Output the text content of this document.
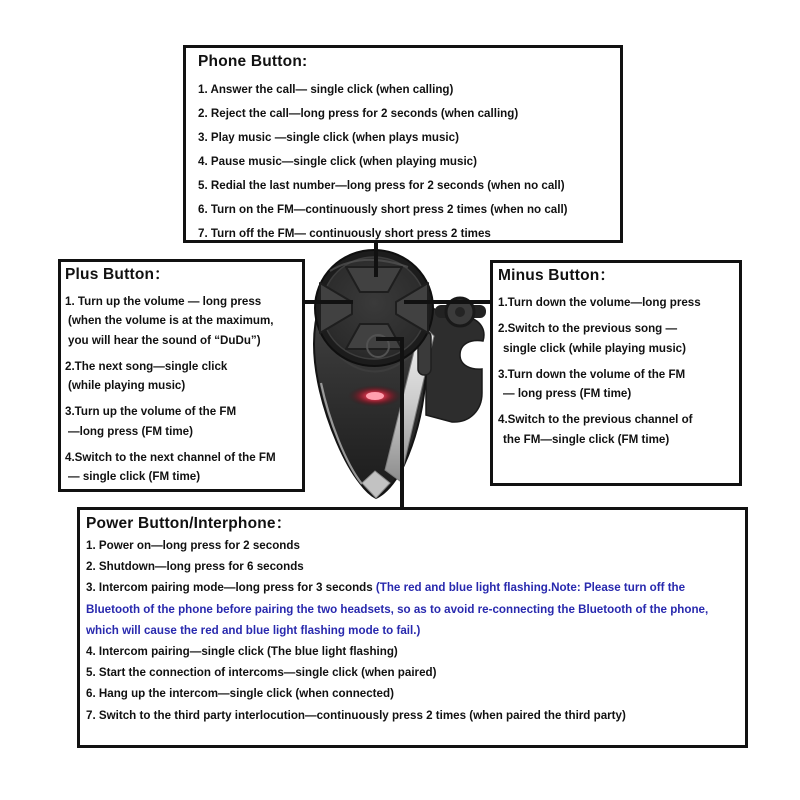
Phone Button:
1. Answer the call— single click (when calling)
2. Reject the call—long press for 2 seconds (when calling)
3. Play music —single click (when plays music)
4. Pause music—single click (when playing music)
5. Redial the last number—long press for 2 seconds (when no call)
6. Turn on the FM—continuously short press 2 times (when no call)
7. Turn off the FM— continuously short press 2 times
Plus Button：
1. Turn up the volume — long press
(when the volume is at the maximum,
you will hear the sound of “DuDu”)
2.The next song—single click
(while playing music)
3.Turn up the volume of the FM
—long press (FM time)
4.Switch to the next channel of the FM
— single click (FM time)
Minus Button：
1.Turn down the volume—long press
2.Switch to the previous song —
single click (while playing music)
3.Turn down the volume of the FM
— long press (FM time)
4.Switch to the previous channel of
the FM—single click (FM time)
Power Button/Interphone：
1. Power on—long press for 2 seconds
2. Shutdown—long press for 6 seconds
3. Intercom pairing mode—long press for 3 seconds (The red and blue light flashing.Note: Please turn off the Bluetooth of the phone before pairing the two headsets, so as to avoid re-connecting the Bluetooth of the phone, which will cause the red and blue light flashing mode to fail.)
4. Intercom pairing—single click (The blue light flashing)
5. Start the connection of intercoms—single click (when paired)
6. Hang up the intercom—single click (when connected)
7. Switch to the third party interlocution—continuously press 2 times (when paired the third party)
